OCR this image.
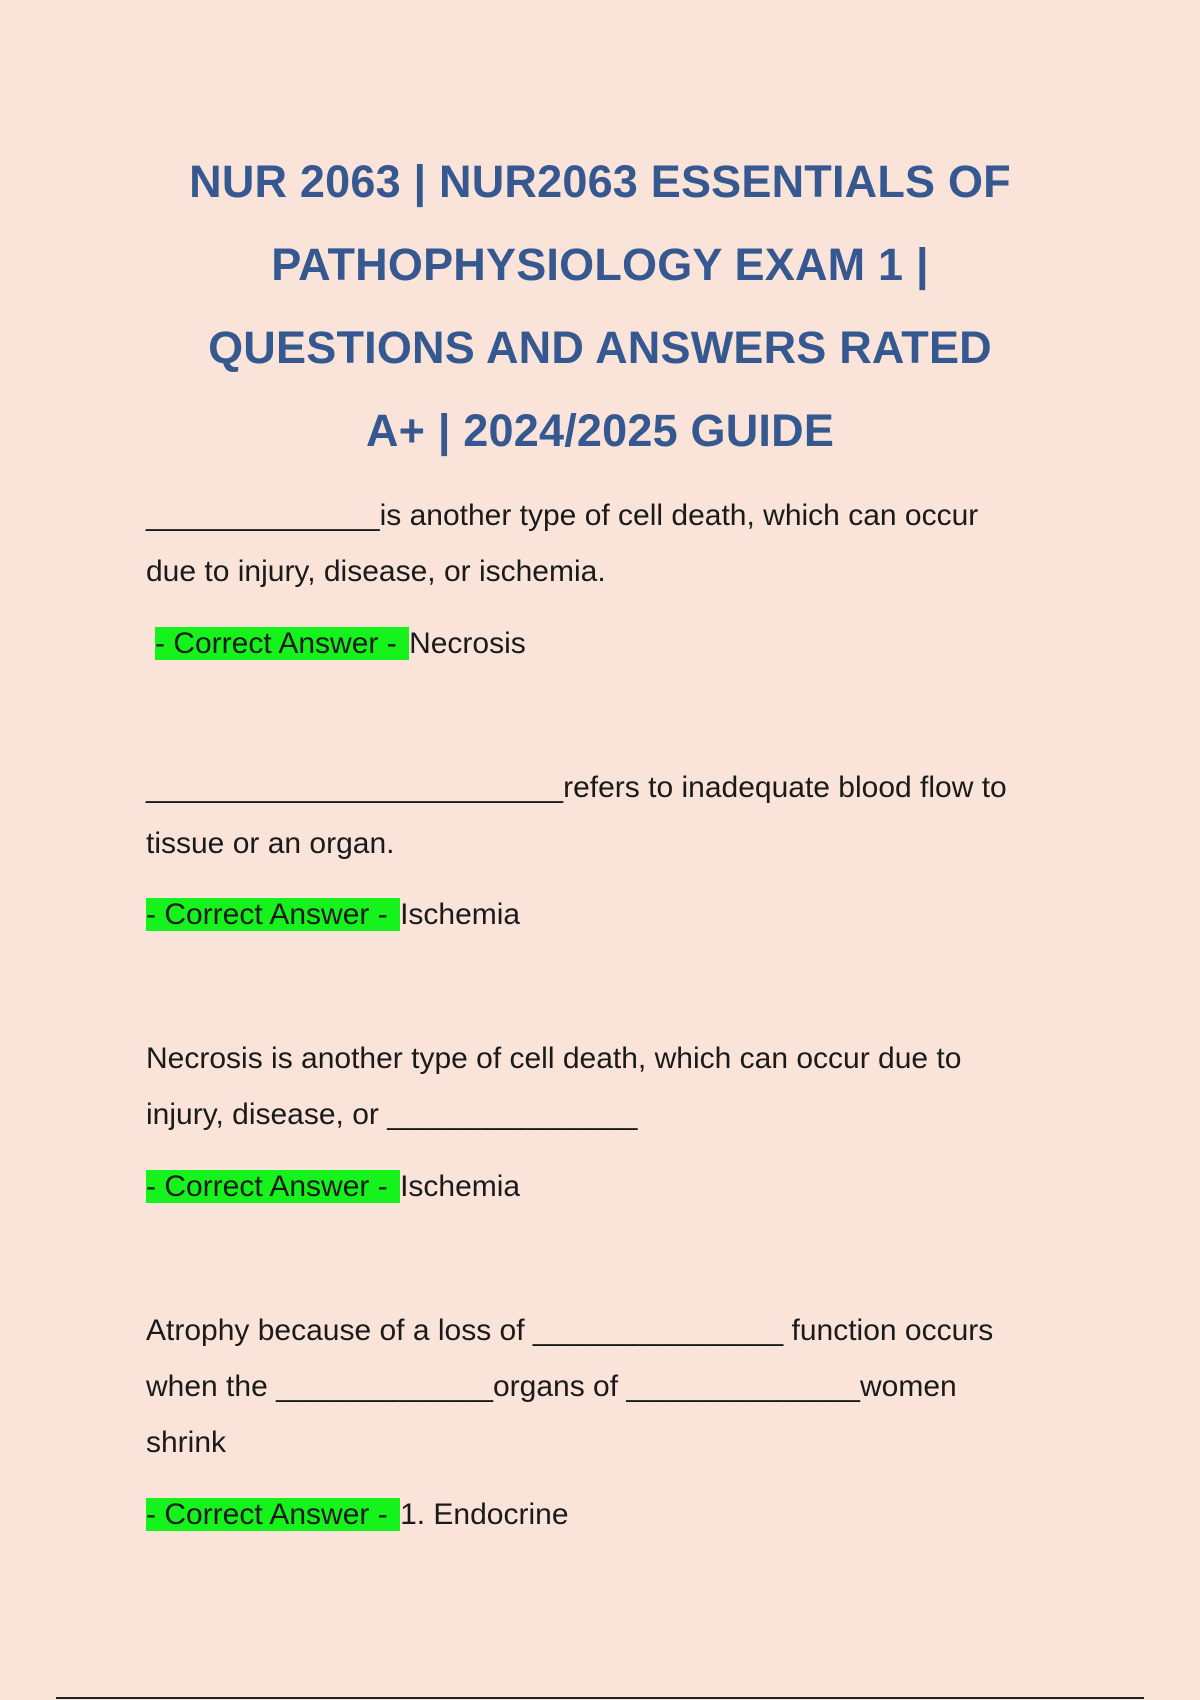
NUR 2063 | NUR2063 ESSENTIALS OF
PATHOPHYSIOLOGY EXAM 1 |
QUESTIONS AND ANSWERS RATED
A+ | 2024/2025 GUIDE
______________is another type of cell death, which can occur
due to injury, disease, or ischemia.
- Correct Answer - Necrosis
_________________________refers to inadequate blood flow to
tissue or an organ.
- Correct Answer - Ischemia
Necrosis is another type of cell death, which can occur due to
injury, disease, or _______________
- Correct Answer - Ischemia
Atrophy because of a loss of _______________ function occurs
when the _____________organs of ______________women
shrink
- Correct Answer - 1. Endocrine
